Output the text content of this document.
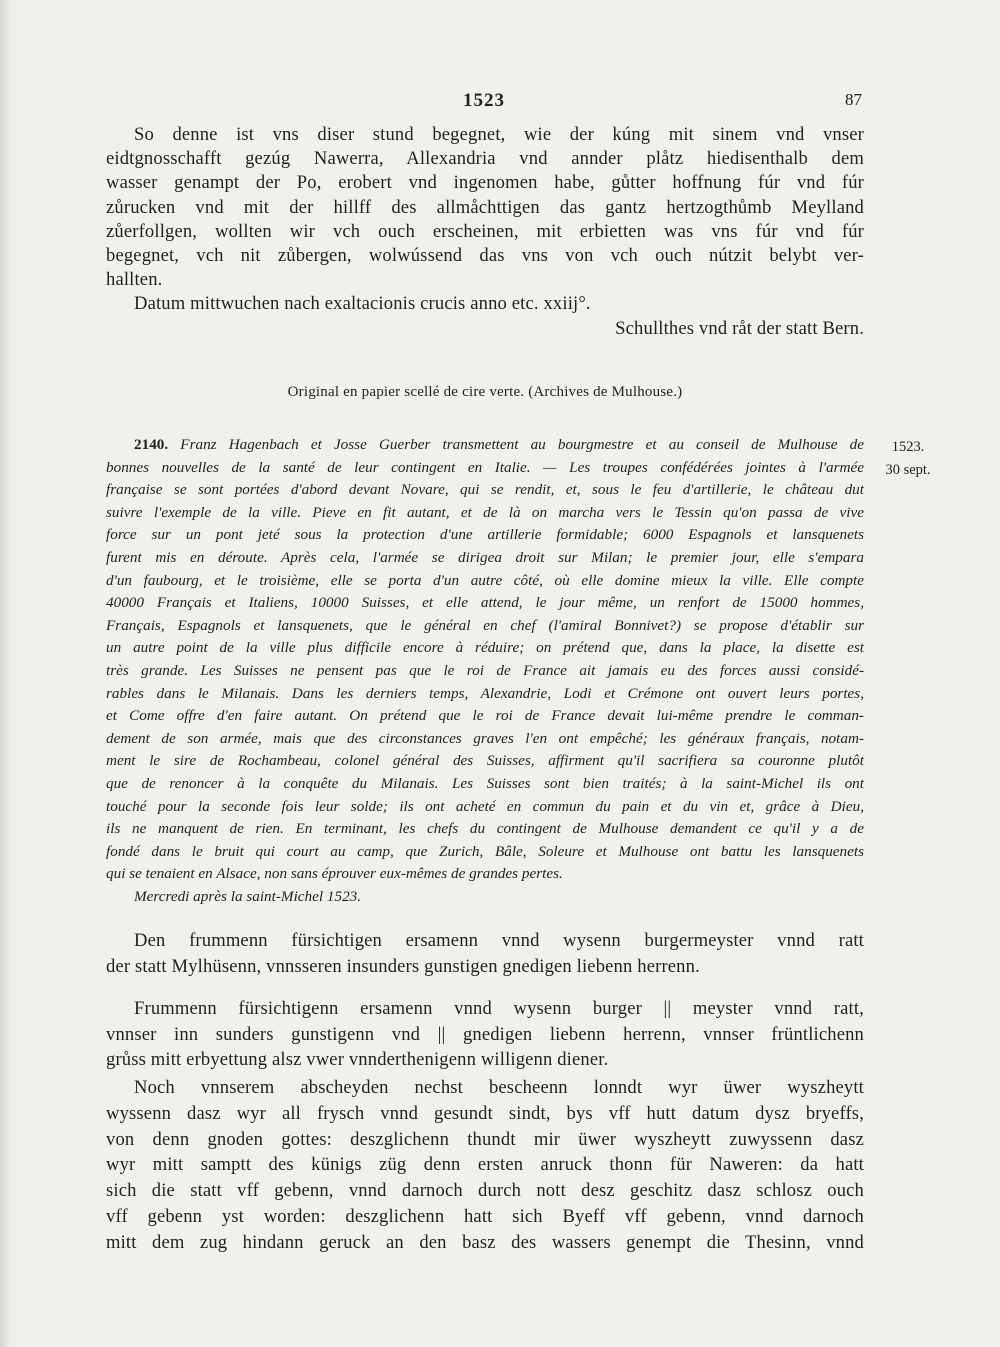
1523	87
So denne ist vns diser stund begegnet, wie der kúng mit sinem vnd vnser
eidtgnosschafft gezúg Nawerra, Allexandria vnd annder plåtz hiedisenthalb dem
wasser genampt der Po, erobert vnd ingenomen habe, gůtter hoffnung fúr vnd fúr
zůrucken vnd mit der hillff des allmåchttigen das gantz hertzogthůmb Meylland
zůerfollgen, wollten wir vch ouch erscheinen, mit erbietten was vns fúr vnd fúr
begegnet, vch nit zůbergen, wolwússend das vns von vch ouch nútzit belybt ver-
hallten.
Datum mittwuchen nach exaltacionis crucis anno etc. xxiij°.
Schullthes vnd råt der statt Bern.
Original en papier scellé de cire verte. (Archives de Mulhouse.)
2140. Franz Hagenbach et Josse Guerber transmettent au bourgmestre et au conseil de Mulhouse de
bonnes nouvelles de la santé de leur contingent en Italie. — Les troupes confédérées jointes à l'armée
française se sont portées d'abord devant Novare, qui se rendit, et, sous le feu d'artillerie, le château dut
suivre l'exemple de la ville. Pieve en fit autant, et de là on marcha vers le Tessin qu'on passa de vive
force sur un pont jeté sous la protection d'une artillerie formidable; 6000 Espagnols et lansquenets
furent mis en déroute. Après cela, l'armée se dirigea droit sur Milan; le premier jour, elle s'empara
d'un faubourg, et le troisième, elle se porta d'un autre côté, où elle domine mieux la ville. Elle compte
40000 Français et Italiens, 10000 Suisses, et elle attend, le jour même, un renfort de 15000 hommes,
Français, Espagnols et lansquenets, que le général en chef (l'amiral Bonnivet?) se propose d'établir sur
un autre point de la ville plus difficile encore à réduire; on prétend que, dans la place, la disette est
très grande. Les Suisses ne pensent pas que le roi de France ait jamais eu des forces aussi considé-
rables dans le Milanais. Dans les derniers temps, Alexandrie, Lodi et Crémone ont ouvert leurs portes,
et Come offre d'en faire autant. On prétend que le roi de France devait lui-même prendre le comman-
dement de son armée, mais que des circonstances graves l'en ont empêché; les généraux français, notam-
ment le sire de Rochambeau, colonel général des Suisses, affirment qu'il sacrifiera sa couronne plutôt
que de renoncer à la conquête du Milanais. Les Suisses sont bien traités; à la saint-Michel ils ont
touché pour la seconde fois leur solde; ils ont acheté en commun du pain et du vin et, grâce à Dieu,
ils ne manquent de rien. En terminant, les chefs du contingent de Mulhouse demandent ce qu'il y a de
fondé dans le bruit qui court au camp, que Zurich, Bâle, Soleure et Mulhouse ont battu les lansquenets
qui se tenaient en Alsace, non sans éprouver eux-mêmes de grandes pertes.
Mercredi après la saint-Michel 1523.
1523.
30 sept.
Den frummenn fürsichtigen ersamenn vnnd wysenn burgermeyster vnnd ratt
der statt Mylhüsenn, vnnsseren insunders gunstigen gnedigen liebenn herrenn.
Frummenn fürsichtigenn ersamenn vnnd wysenn burger || meyster vnnd ratt,
vnnser inn sunders gunstigenn vnd || gnedigen liebenn herrenn, vnnser früntlichenn
grůss mitt erbyettung alsz vwer vnnderthenigenn willigenn diener.
Noch vnnserem abscheyden nechst bescheenn lonndt wyr üwer wyszheytt
wyssenn dasz wyr all frysch vnnd gesundt sindt, bys vff hutt datum dysz bryeffs,
von denn gnoden gottes: deszglichenn thundt mir üwer wyszheytt zuwyssenn dasz
wyr mitt samptt des künigs züg denn ersten anruck thonn für Naweren: da hatt
sich die statt vff gebenn, vnnd darnoch durch nott desz geschitz dasz schlosz ouch
vff gebenn yst worden: deszglichenn hatt sich Byeff vff gebenn, vnnd darnoch
mitt dem zug hindann geruck an den basz des wassers genempt die Thesinn, vnnd
